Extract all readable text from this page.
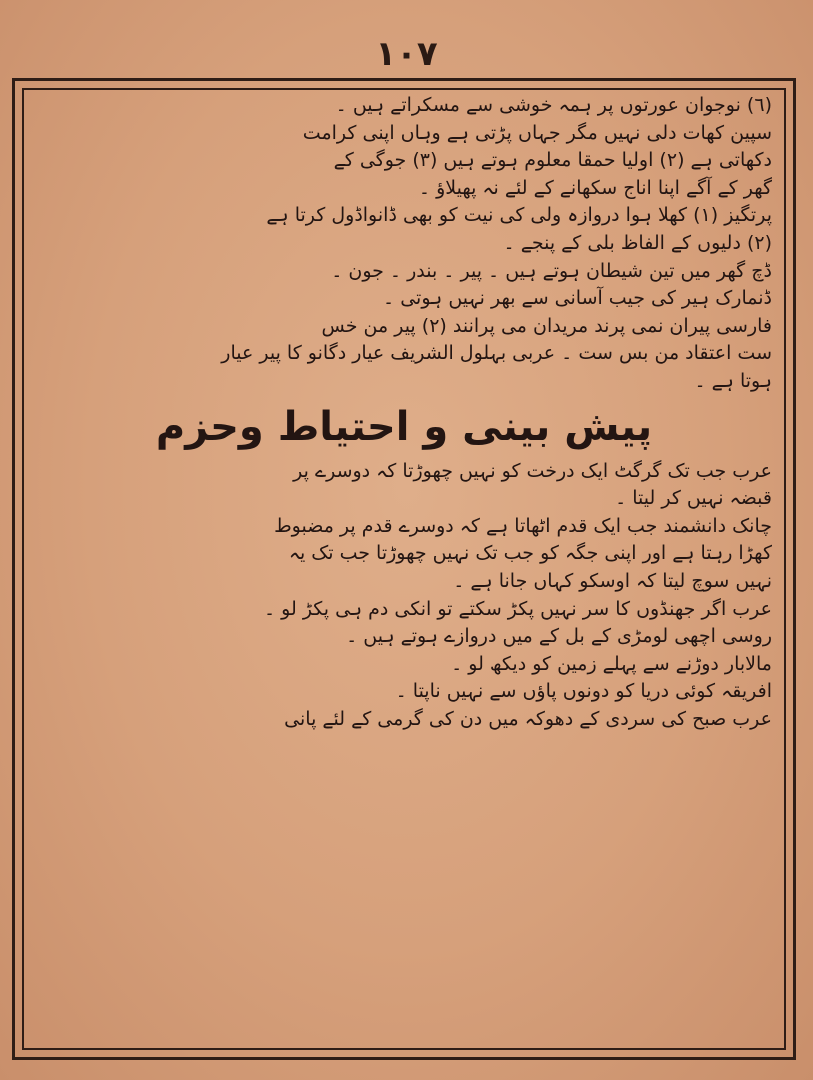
١٠٧
(٦) نوجوان عورتوں پر ہمہ خوشی سے مسکراتے ہیں ۔
سپین کھات دلی نہیں مگر جہاں پڑتی ہے وہاں اپنی کرامت
دکھاتی ہے (٢) اولیا حمقا معلوم ہوتے ہیں (٣) جوگی کے
گھر کے آگے اپنا اناج سکھانے کے لئے نہ پھیلاؤ ۔
پرتگیز (١) کھلا ہوا دروازہ ولی کی نیت کو بھی ڈانواڈول کرتا ہے
(٢) دلیوں کے الفاظ بلی کے پنجے ۔
ڈچ گھر میں تین شیطان ہوتے ہیں ۔ پیر ۔ بندر ۔ جون ۔
ڈنمارک ہیر کی جیب آسانی سے بھر نہیں ہوتی ۔
فارسی پیران نمی پرند مریدان می پرانند (٢) پیر من خس
ست اعتقاد من بس ست ۔ عربی بہلول الشریف عیار دگانو کا پیر عیار
ہوتا ہے ۔
پیش بینی و احتیاط وحزم
عرب جب تک گرگٹ ایک درخت کو نہیں چھوڑتا کہ دوسرے پر
قبضہ نہیں کر لیتا ۔
چانک دانشمند جب ایک قدم اٹھاتا ہے کہ دوسرے قدم پر مضبوط
کھڑا رہتا ہے اور اپنی جگہ کو جب تک نہیں چھوڑتا جب تک یہ
نہیں سوچ لیتا کہ اوسکو کہاں جانا ہے ۔
عرب اگر جھنڈوں کا سر نہیں پکڑ سکتے تو انکی دم ہی پکڑ لو ۔
روسی اچھی لومڑی کے بل کے میں دروازے ہوتے ہیں ۔
مالابار دوڑنے سے پہلے زمین کو دیکھ لو ۔
افریقہ کوئی دریا کو دونوں پاؤں سے نہیں ناپتا ۔
عرب صبح کی سردی کے دھوکہ میں دن کی گرمی کے لئے پانی
